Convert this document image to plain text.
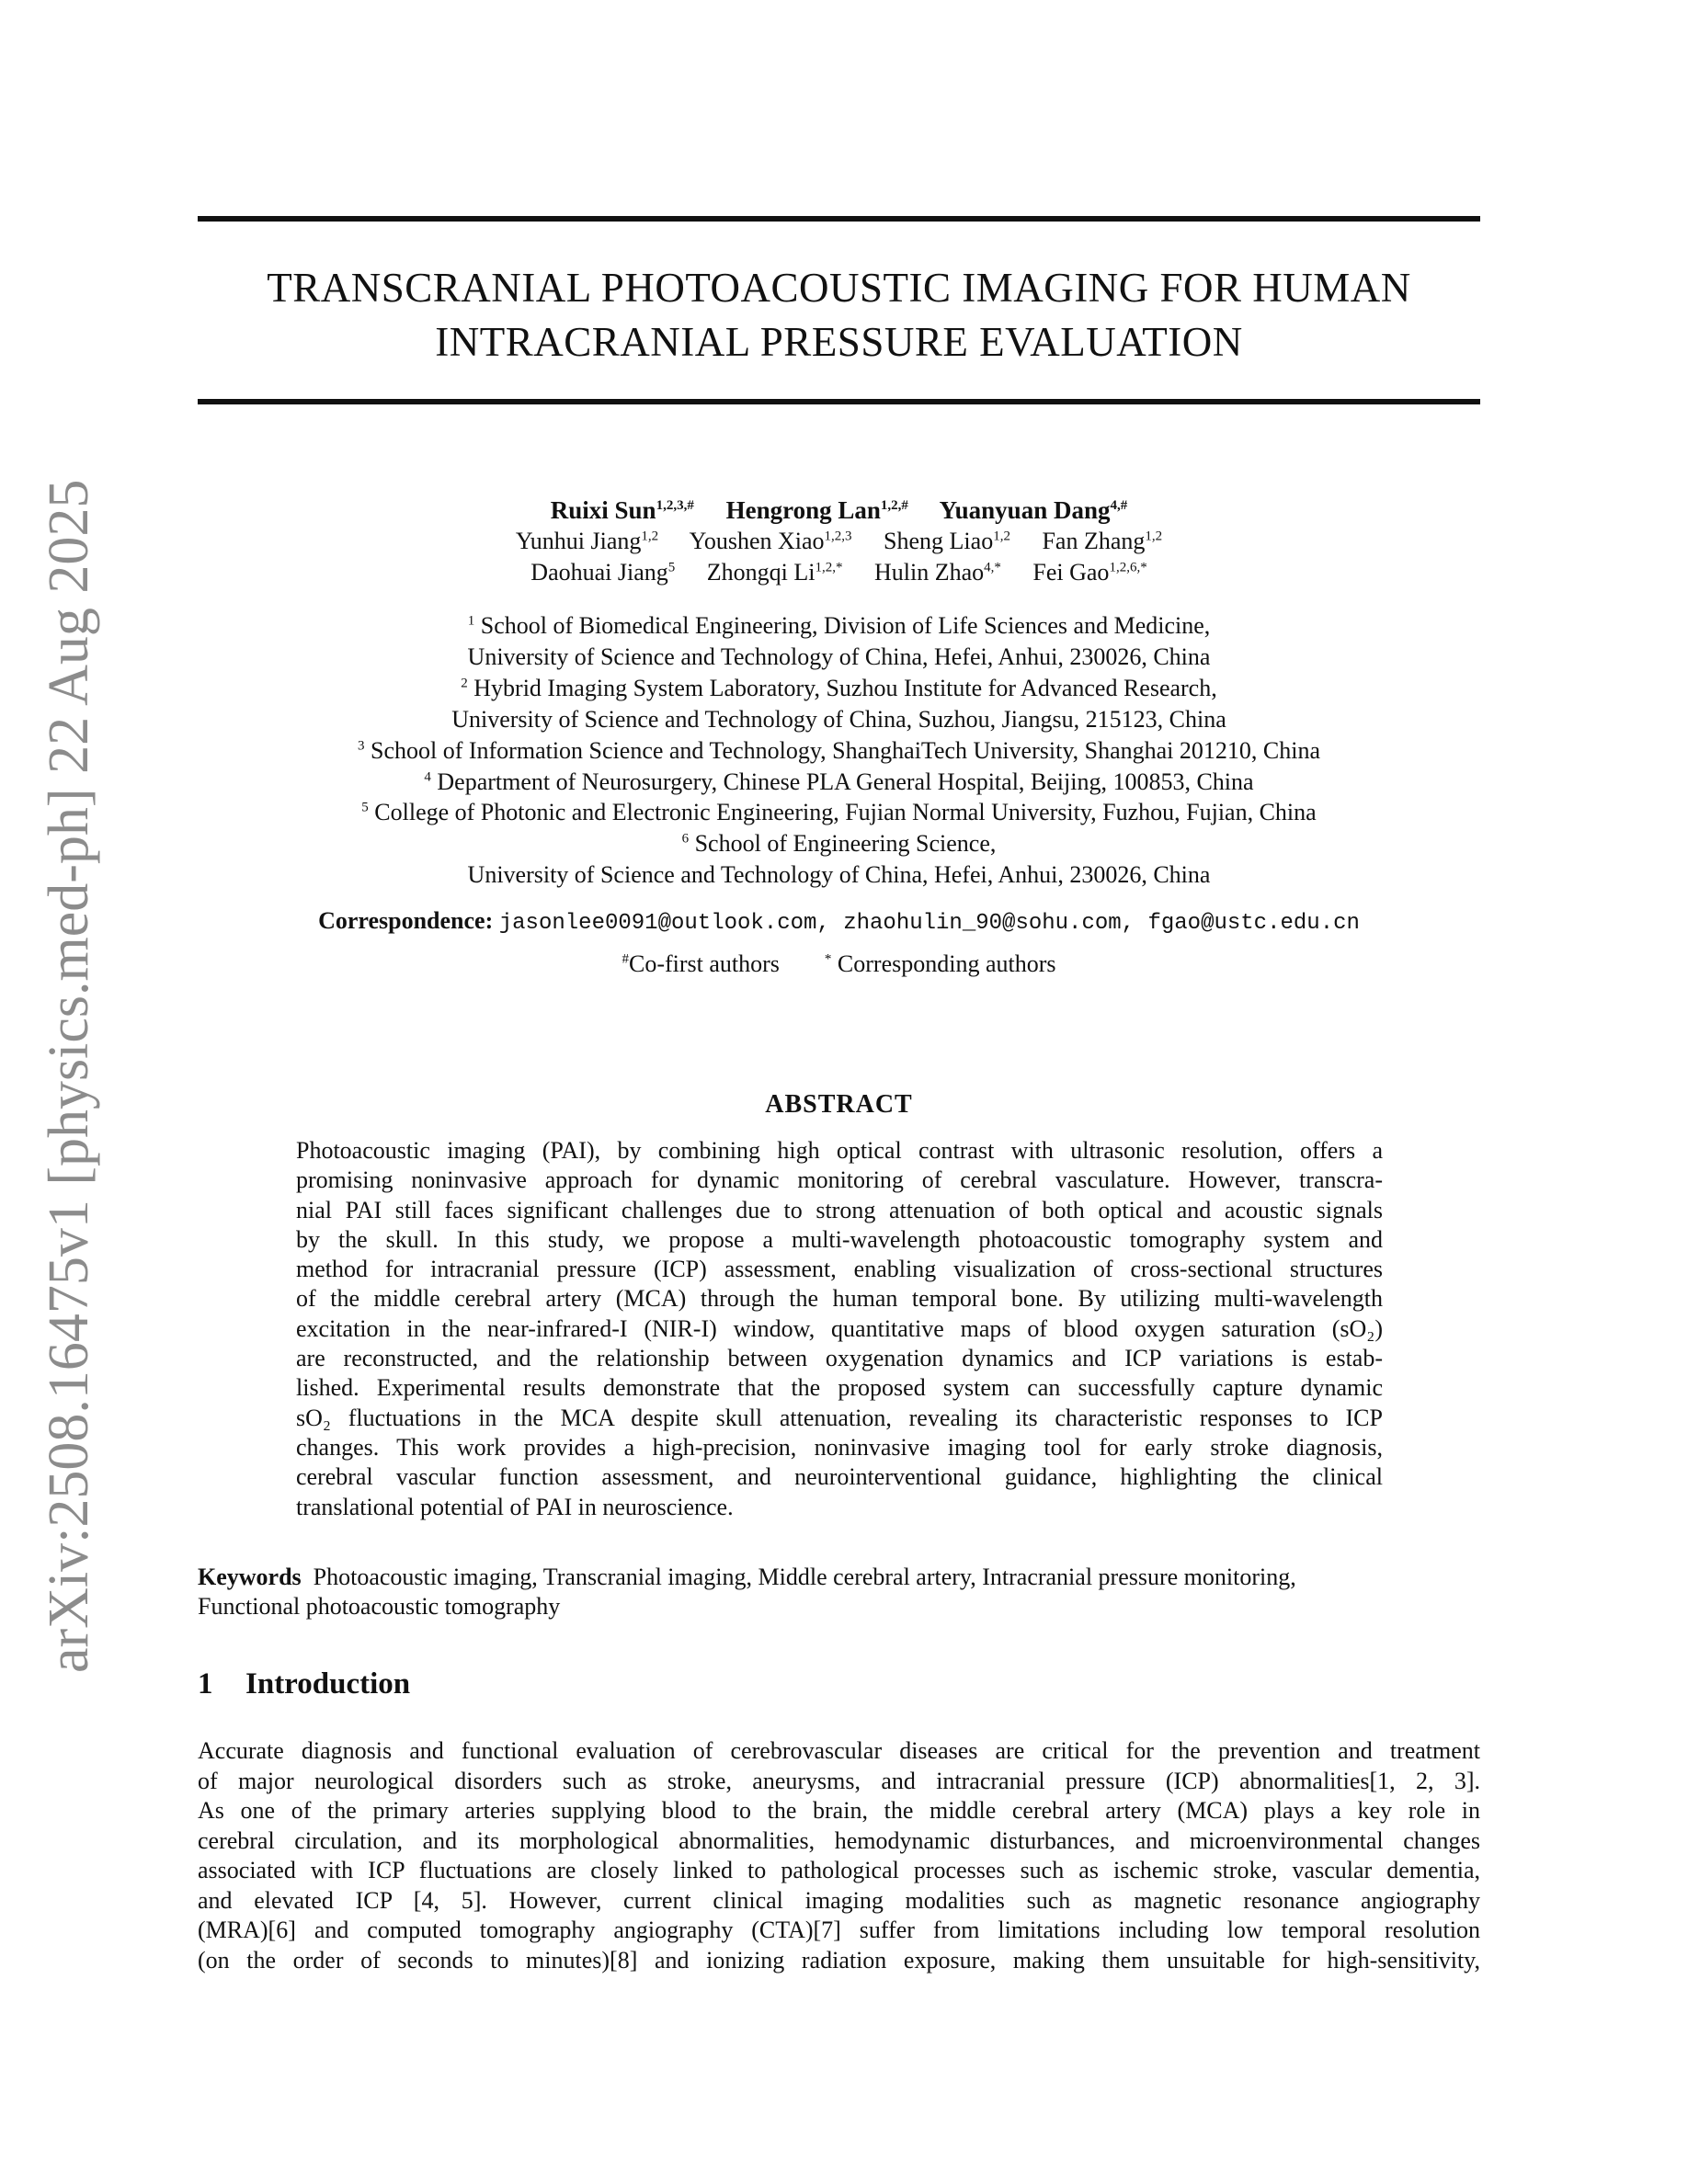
arXiv:2508.16475v1 [physics.med-ph] 22 Aug 2025
TRANSCRANIAL PHOTOACOUSTIC IMAGING FOR HUMAN
INTRACRANIAL PRESSURE EVALUATION
Ruixi Sun$^{1,2,3,\#}$ Hengrong Lan$^{1,2,\#}$ Yuanyuan Dang$^{4,\#}$
Yunhui Jiang$^{1,2}$ Youshen Xiao$^{1,2,3}$ Sheng Liao$^{1,2}$ Fan Zhang$^{1,2}$
Daohuai Jiang$^5$ Zhongqi $Li^{1,2,*}$ Hulin Zhao$^{4,*}$ Fei Gao$^{1,2,6,*}$
$^1$ School of Biomedical Engineering, Division of Life Sciences and Medicine,
University of Science and Technology of China, Hefei, Anhui, 230026, China
$^2$ Hybrid Imaging System Laboratory, Suzhou Institute for Advanced Research,
University of Science and Technology of China, Suzhou, Jiangsu, 215123, China
$^3$ School of Information Science and Technology, ShanghaiTech University, Shanghai 201210, China
$^4$ Department of Neurosurgery, Chinese PLA General Hospital, Beijing, 100853, China
$^5$ College of Photonic and Electronic Engineering, Fujian Normal University, Fuzhou, Fujian, China
$^6$ School of Engineering Science,
University of Science and Technology of China, Hefei, Anhui, 230026, China
Correspondence: jasonlee0091@outlook.com, zhaohulin_90@sohu.com, fgao@ustc.edu.cn
#Co-first authors	* Corresponding authors
ABSTRACT
Photoacoustic imaging (PAI), by combining high optical contrast with ultrasonic resolution, offers a
promising noninvasive approach for dynamic monitoring of cerebral vasculature. However, transcra-
nial PAI still faces significant challenges due to strong attenuation of both optical and acoustic signals
by the skull. In this study, we propose a multi-wavelength photoacoustic tomography system and
method for intracranial pressure (ICP) assessment, enabling visualization of cross-sectional structures
of the middle cerebral artery (MCA) through the human temporal bone. By utilizing multi-wavelength
excitation in the near-infrared-I (NIR-I) window, quantitative maps of blood oxygen saturation (sO₂)
are reconstructed, and the relationship between oxygenation dynamics and ICP variations is estab-
lished. Experimental results demonstrate that the proposed system can successfully capture dynamic
sO₂ fluctuations in the MCA despite skull attenuation, revealing its characteristic responses to ICP
changes. This work provides a high-precision, noninvasive imaging tool for early stroke diagnosis,
cerebral vascular function assessment, and neurointerventional guidance, highlighting the clinical
translational potential of PAI in neuroscience.
Keywords Photoacoustic imaging, Transcranial imaging, Middle cerebral artery, Intracranial pressure monitoring,
Functional photoacoustic tomography
1 Introduction
Accurate diagnosis and functional evaluation of cerebrovascular diseases are critical for the prevention and treatment
of major neurological disorders such as stroke, aneurysms, and intracranial pressure (ICP) abnormalities[1, 2, 3].
As one of the primary arteries supplying blood to the brain, the middle cerebral artery (MCA) plays a key role in
cerebral circulation, and its morphological abnormalities, hemodynamic disturbances, and microenvironmental changes
associated with ICP fluctuations are closely linked to pathological processes such as ischemic stroke, vascular dementia,
and elevated ICP [4, 5]. However, current clinical imaging modalities such as magnetic resonance angiography
(MRA)[6] and computed tomography angiography (CTA)[7] suffer from limitations including low temporal resolution
(on the order of seconds to minutes)[8] and ionizing radiation exposure, making them unsuitable for high-sensitivity,
